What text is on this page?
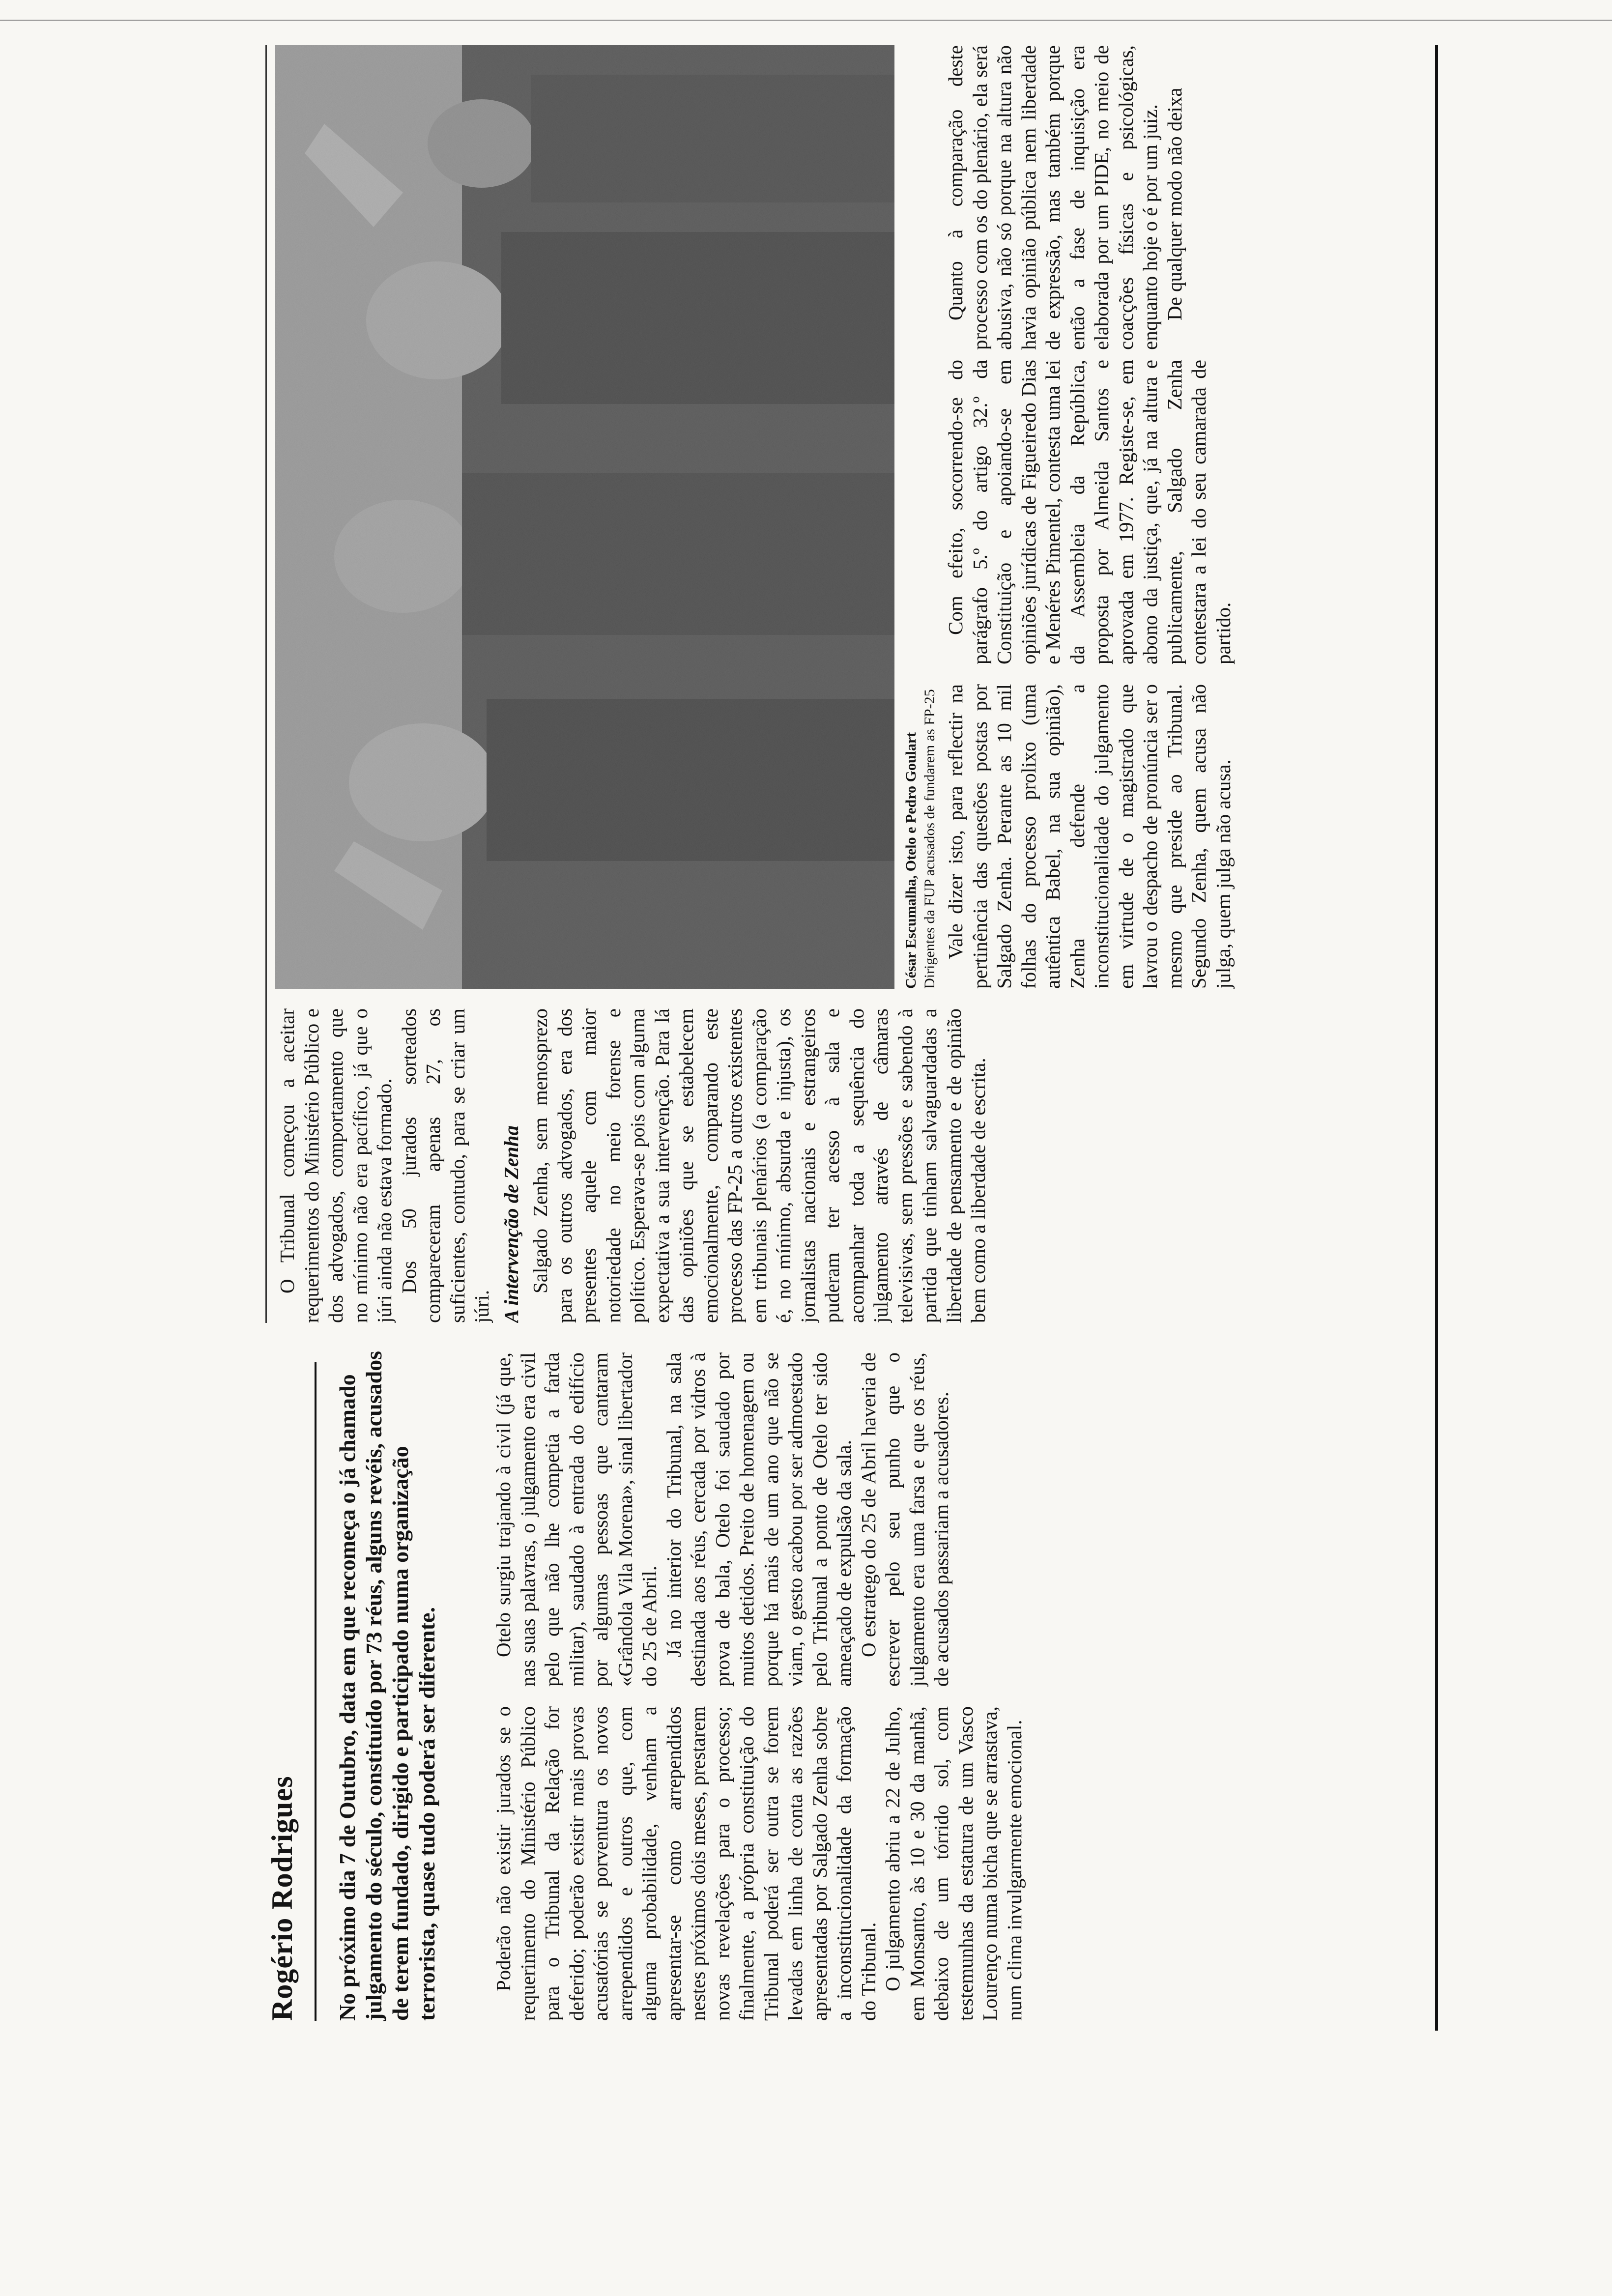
Rogério Rodrigues No próximo dia 7 de Outubro, data em que recomeça o já chamado julgamento do século, constituído por 73 réus, alguns revéis, acusados de terem fundado, dirigido e participado numa organização terrorista, quase tudo poderá ser diferente.	Poderão não existir jurados se o requerimento do Ministério Público para o Tribunal da Relação for deferido; poderão existir mais provas acusatórias se porventura os novos arrependidos e outros que, com alguma probabilidade, venham a apresentar-se como arrependidos nestes próximos dois meses, prestarem novas revelações para o processo; finalmente, a própria constituição do Tribunal poderá ser outra se forem levadas em linha de conta as razões apresentadas por Salgado Zenha sobre a inconstitucionalidade da formação do Tribunal. O julgamento abriu a 22 de Julho, em Monsanto, às 10 e 30 da manhã, debaixo de um tórrido sol, com testemunhas da estatura de um Vasco Lourenço numa bicha que se arrastava, num clima invulgarmente emocional.

Otelo surgiu trajando à civil (já que, nas suas palavras, o julgamento era civil pelo que não lhe competia a farda militar), saudado à entrada do edifício por algumas pessoas que cantaram «Grândola Vila Morena», sinal libertador do 25 de Abril. Já no interior do Tribunal, na sala destinada aos réus, cercada por vidros à prova de bala, Otelo foi saudado por muitos detidos. Preito de homenagem ou porque há mais de um ano que não se viam, o gesto acabou por ser admoestado pelo Tribunal a ponto de Otelo ter sido ameaçado de expulsão da sala. O estratego do 25 de Abril haveria de escrever pelo seu punho que o julgamento era uma farsa e que os réus, de acusados passariam a acusadores.

O Tribunal começou a aceitar requerimentos do Ministério Público e dos advogados, comportamento que no mínimo não era pacífico, já que o júri ainda não estava formado. Dos 50 jurados sorteados compareceram apenas 27, os suficientes, contudo, para se criar um júri. A intervenção de Zenha Salgado Zenha, sem menosprezo para os outros advogados, era dos presentes aquele com maior notoriedade no meio forense e político. Esperava-se pois com alguma expectativa a sua intervenção. Para lá das opiniões que se estabelecem emocionalmente, comparando este processo das FP-25 a outros existentes em tribunais plenários (a comparação é, no mínimo, absurda e injusta), os jornalistas nacionais e estrangeiros puderam ter acesso à sala e acompanhar toda a sequência do julgamento através de câmaras televisivas, sem pressões e sabendo à partida que tinham salvaguardadas a liberdade de pensamento e de opinião bem como a liberdade de escrita.

César Escumalha, Otelo e Pedro Goulart Dirigentes da FUP acusados de fundarem as FP-25 Vale dizer isto, para reflectir na pertinência das questões postas por Salgado Zenha. Perante as 10 mil folhas do processo prolixo (uma autêntica Babel, na sua opinião), Zenha defende a inconstitucionalidade do julgamento em virtude de o magistrado que lavrou o despacho de pronúncia ser o mesmo que preside ao Tribunal. Segundo Zenha, quem acusa não julga, quem julga não acusa.

Com efeito, socorrendo-se do parágrafo 5.º do artigo 32.º da Constituição e apoiando-se em opiniões jurídicas de Figueiredo Dias e Menéres Pimentel, contesta uma lei da Assembleia da República, proposta por Almeida Santos e aprovada em 1977. Registe-se, em abono da justiça, que, já na altura e publicamente, Salgado Zenha contestara a lei do seu camarada de partido.

Quanto à comparação deste processo com os do plenário, ela será abusiva, não só porque na altura não havia opinião pública nem liberdade de expressão, mas também porque então a fase de inquisição era elaborada por um PIDE, no meio de coacções físicas e psicológicas, enquanto hoje o é por um juiz. De qualquer modo não deixa
